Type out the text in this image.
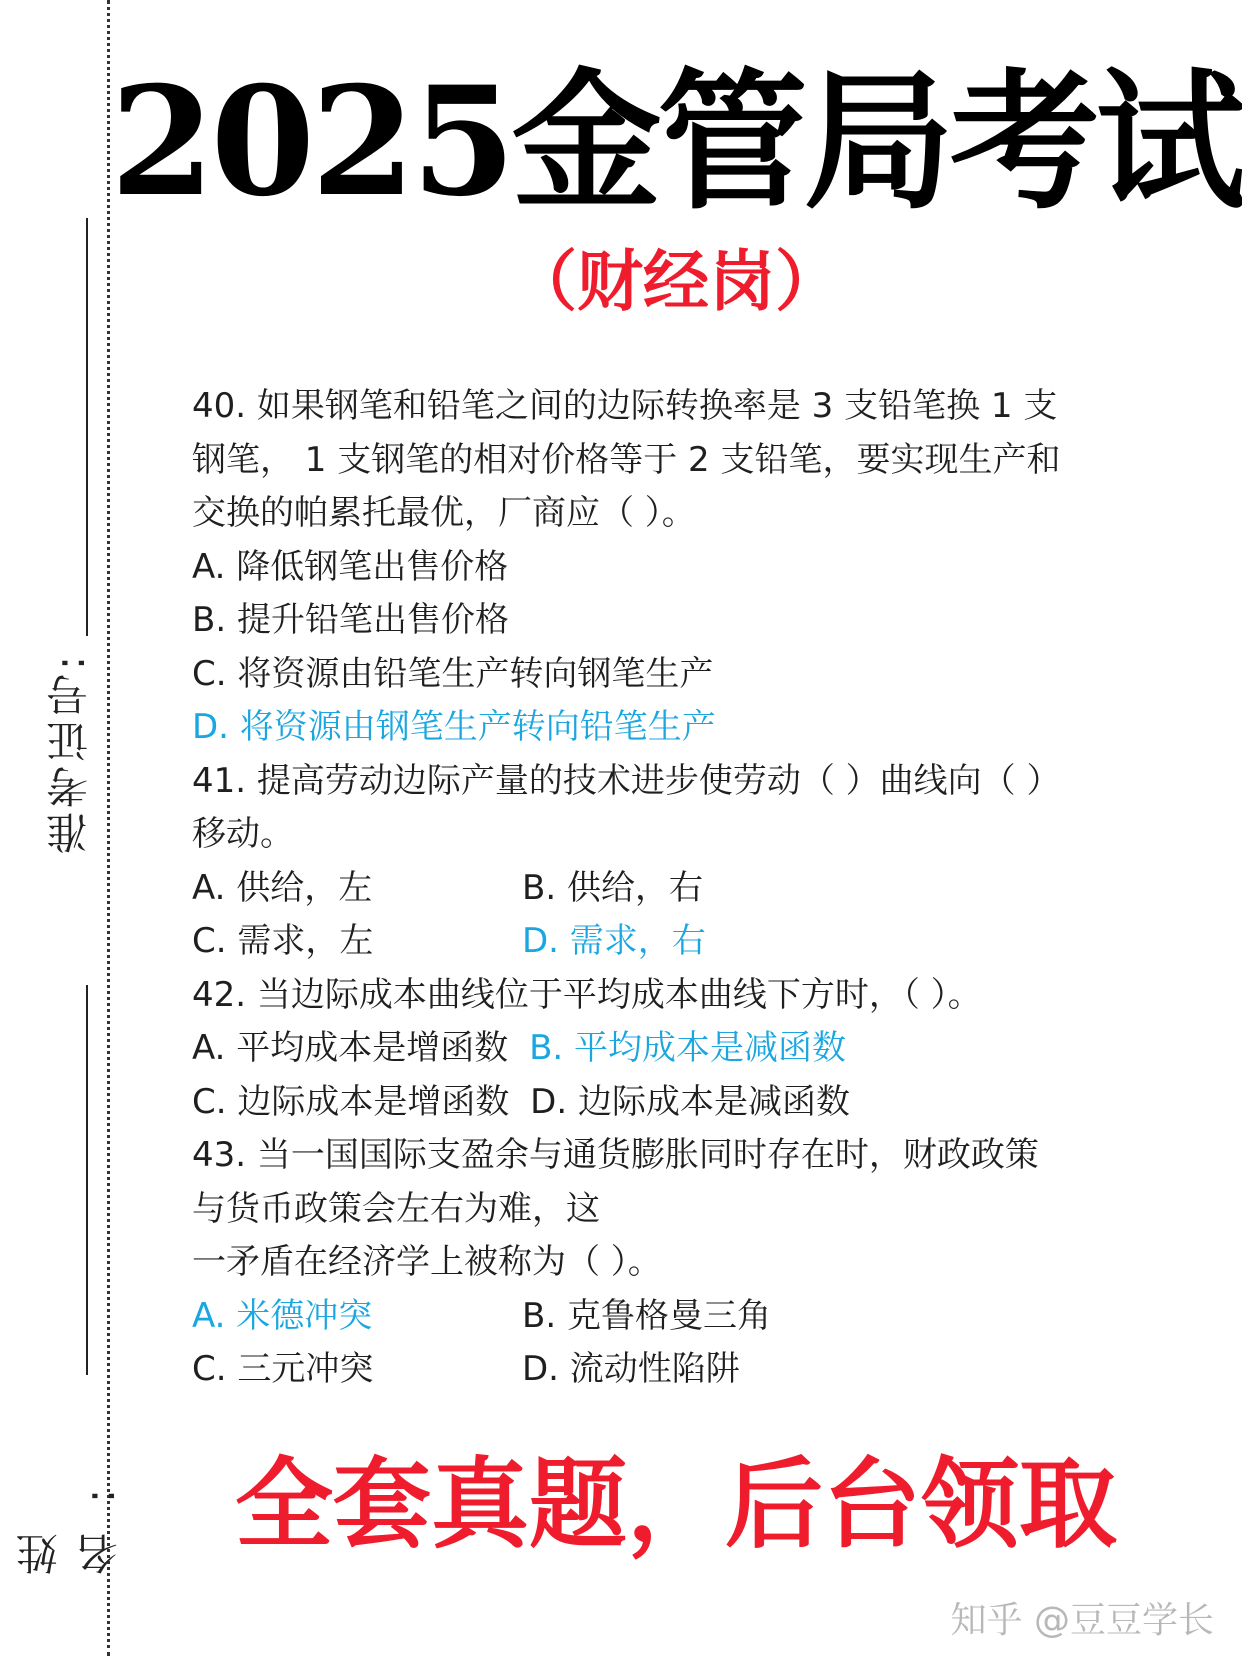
准考证号:
姓 名:
2025金管局考试
（财经岗）
40. 如果钢笔和铅笔之间的边际转换率是 3 支铅笔换 1 支
钢笔， 1 支钢笔的相对价格等于 2 支铅笔，要实现生产和
交换的帕累托最优，厂商应（ ）。
A. 降低钢笔出售价格
B. 提升铅笔出售价格
C. 将资源由铅笔生产转向钢笔生产
D. 将资源由钢笔生产转向铅笔生产
41. 提高劳动边际产量的技术进步使劳动（ ）曲线向（ ）
移动。
A. 供给，左	B. 供给，右
C. 需求，左	D. 需求，右
42. 当边际成本曲线位于平均成本曲线下方时，（ ）。
A. 平均成本是增函数 B. 平均成本是减函数
C. 边际成本是增函数 D. 边际成本是减函数
43. 当一国国际支盈余与通货膨胀同时存在时，财政政策
与货币政策会左右为难，这
一矛盾在经济学上被称为（ ）。
A. 米德冲突	B. 克鲁格曼三角
C. 三元冲突	D. 流动性陷阱
全套真题，后台领取
知乎 @豆豆学长
